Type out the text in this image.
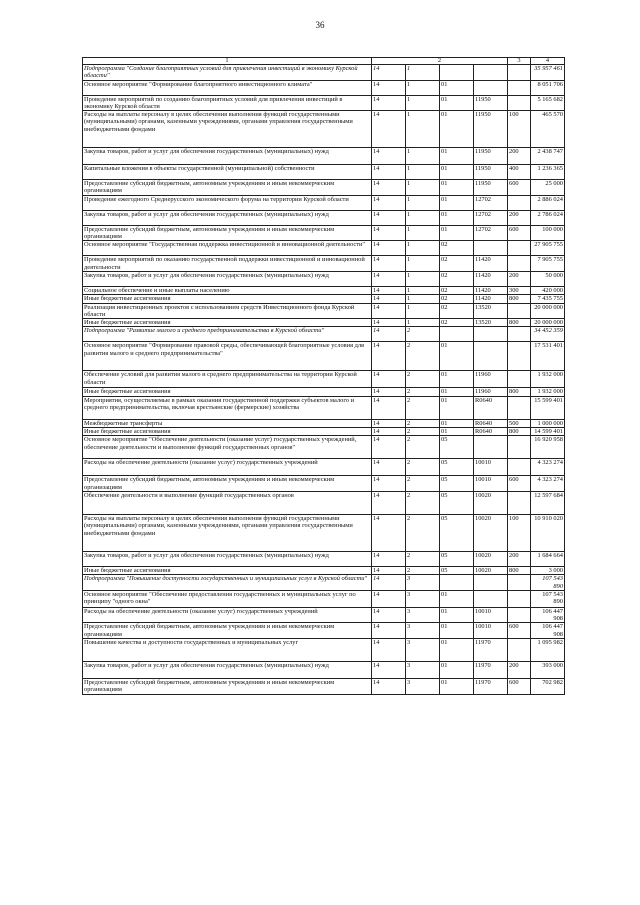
36
1	2				3	4
Подпрограмма "Создание благоприятных условий для привлечения инвестиций в экономику Курской области"	14	1				35 957 461
Основное мероприятие "Формирование благоприятного инвестиционного климата"	14	1	01			8 051 706
Проведение мероприятий по созданию благоприятных условий для привлечения инвестиций в экономику Курской области	14	1	01	11950		5 165 682
Расходы на выплаты персоналу в целях обеспечения выполнения функций государственными (муниципальными) органами, казенными учреждениями, органами управления государственными внебюджетными фондами	14	1	01	11950	100	465 570
Закупка товаров, работ и услуг для обеспечения государственных (муниципальных) нужд	14	1	01	11950	200	2 438 747
Капитальные вложения в объекты государственной (муниципальной) собственности	14	1	01	11950	400	1 236 365
Предоставление субсидий бюджетным, автономным учреждениям и иным некоммерческим организациям	14	1	01	11950	600	25 000
Проведение ежегодного Среднерусского экономического форума на территории Курской области	14	1	01	12702		2 886 024
Закупка товаров, работ и услуг для обеспечения государственных (муниципальных) нужд	14	1	01	12702	200	2 786 024
Предоставление субсидий бюджетным, автономным учреждениям и иным некоммерческим организациям	14	1	01	12702	600	100 000
Основное мероприятие "Государственная поддержка инвестиционной и инновационной деятельности"	14	1	02			27 905 755
Проведение мероприятий по оказанию государственной поддержки инвестиционной и инновационной деятельности	14	1	02	11420		7 905 755
Закупка товаров, работ и услуг для обеспечения государственных (муниципальных) нужд	14	1	02	11420	200	50 000
Социальное обеспечение и иные выплаты населению	14	1	02	11420	300	420 000
Иные бюджетные ассигнования	14	1	02	11420	800	7 435 755
Реализация инвестиционных проектов с использованием средств Инвестиционного фонда Курской области	14	1	02	13520		20 000 000
Иные бюджетные ассигнования	14	1	02	13520	800	20 000 000
Подпрограмма "Развитие малого и среднего предпринимательства в Курской области"	14	2				34 452 359
Основное мероприятие "Формирование правовой среды, обеспечивающей благоприятные условия для развития малого и среднего предпринимательства"	14	2	01			17 531 401
Обеспечение условий для развития малого и среднего предпринимательства на территории Курской области	14	2	01	11960		1 932 000
Иные бюджетные ассигнования	14	2	01	11960	800	1 932 000
Мероприятия, осуществляемые в рамках оказания государственной поддержки субъектов малого и среднего предпринимательства, включая крестьянские (фермерские) хозяйства	14	2	01	R0640		15 599 401
Межбюджетные трансферты	14	2	01	R0640	500	1 000 000
Иные бюджетные ассигнования	14	2	01	R0640	800	14 599 401
Основное мероприятие "Обеспечение деятельности (оказание услуг) государственных учреждений, обеспечение деятельности и выполнение функций государственных органов"	14	2	05			16 920 958
Расходы на обеспечение деятельности (оказание услуг) государственных учреждений	14	2	05	10010		4 323 274
Предоставление субсидий бюджетным, автономным учреждениям и иным некоммерческим организациям	14	2	05	10010	600	4 323 274
Обеспечение деятельности и выполнение функций государственных органов	14	2	05	10020		12 597 684
Расходы на выплаты персоналу в целях обеспечения выполнения функций государственными (муниципальными) органами, казенными учреждениями, органами управления государственными внебюджетными фондами	14	2	05	10020	100	10 910 020
Закупка товаров, работ и услуг для обеспечения государственных (муниципальных) нужд	14	2	05	10020	200	1 684 664
Иные бюджетные ассигнования	14	2	05	10020	800	3 000
Подпрограмма "Повышение доступности государственных и муниципальных услуг в Курской области"	14	3				107 543 890
Основное мероприятие "Обеспечение предоставления государственных и муниципальных услуг по принципу "одного окна"	14	3	01			107 543 890
Расходы на обеспечение деятельности (оказание услуг) государственных учреждений	14	3	01	10010		106 447 908
Предоставление субсидий бюджетным, автономным учреждениям и иным некоммерческим организациям	14	3	01	10010	600	106 447 908
Повышение качества и доступности государственных и муниципальных услуг	14	3	01	11970		1 095 982
Закупка товаров, работ и услуг для обеспечения государственных (муниципальных) нужд	14	3	01	11970	200	393 000
Предоставление субсидий бюджетным, автономным учреждениям и иным некоммерческим организациям	14	3	01	11970	600	702 982
